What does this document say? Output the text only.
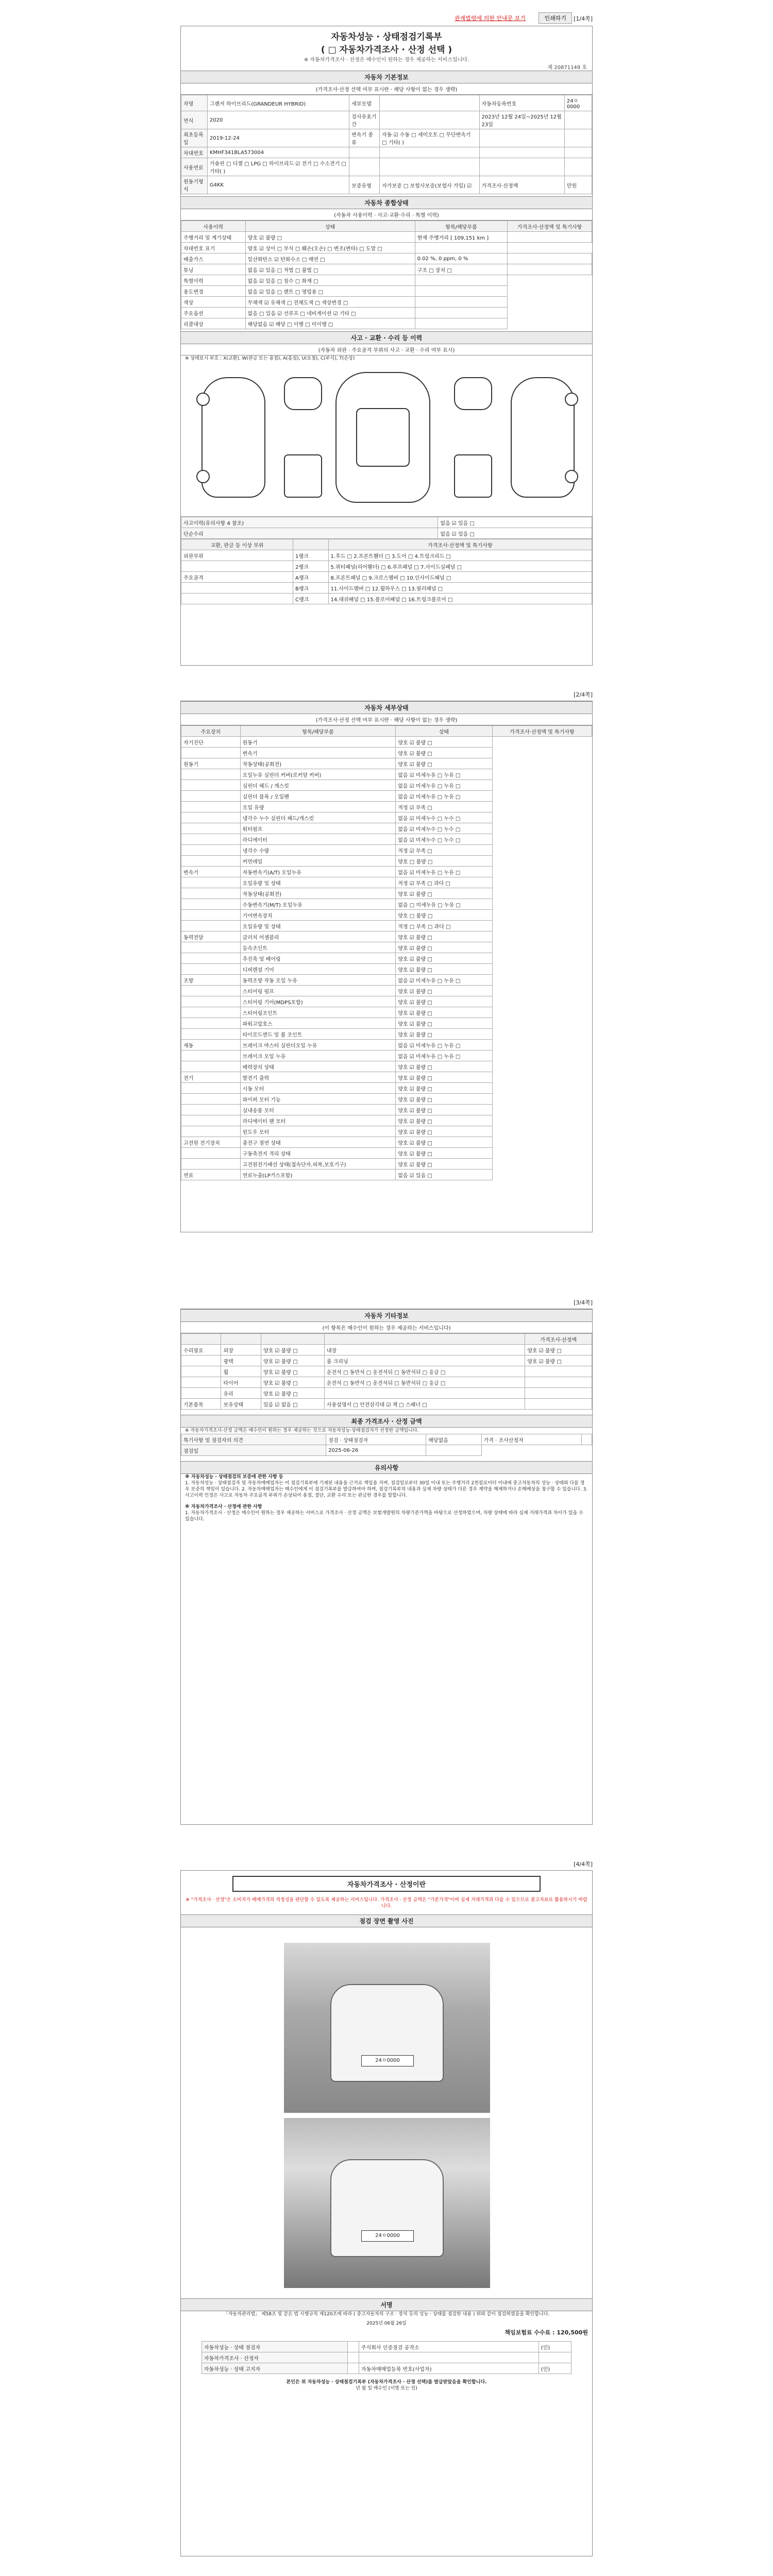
관계법령에 의한 안내문 보기	인쇄하기	[1/4쪽]
자동차성능 · 상태점검기록부
( □ 자동차가격조사 · 산정 선택 )
※ 자동차가격조사 · 산정은 매수인이 원하는 경우 제공하는 서비스입니다.
제 20871149 호
자동차 기본정보
(가격조사·산정 선택 여부 표시란 · 해당 사항이 없는 경우 생략)
차명	그랜저 하이브리드(GRANDEUR HYBRID)	세부모델		자동차등록번호	24ㅇ0000
연식	2020	검사유효기간		2023년 12월 24일~2025년 12월 23일	
최초등록일	2019-12-24	변속기 종류	자동 ☑ 수동 □ 세미오토 □ 무단변속기 □ 기타( )		
차대번호	KMHF341BLA573004				
사용연료	가솔린 □ 디젤 □ LPG □ 하이브리드 ☑ 전기 □ 수소전기 □ 기타( )				
원동기형식	G4KK	보증유형	자가보증 □ 보험사보증(보험사 가입) ☑	가격조사·산정액	만원
자동차 종합상태
(자동차 사용이력 · 사고·교환·수리 · 특별 이력)
사용이력	상태	항목/해당부품	가격조사·산정액 및 특기사항
주행거리 및 계기상태	양호 ☑ 불량 □	현재 주행거리 [ 109,151 km ]	
차대번호 표기	양호 ☑ 상이 □ 부식 □ 훼손(오손) □ 변조(변타) □ 도말 □		
배출가스	일산화탄소 ☑ 탄화수소 □ 매연 □	0.02 %, 0 ppm, 0 %	
튜닝	없음 ☑ 있음 □ 적법 □ 불법 □	구조 □ 장치 □	
특별이력	없음 ☑ 있음 □ 침수 □ 화재 □		
용도변경	없음 ☑ 있음 □ 렌트 □ 영업용 □		
색상	무채색 ☑ 유채색 □ 전체도색 □ 색상변경 □		
주요옵션	없음 □ 있음 ☑ 선루프 □ 네비게이션 ☑ 기타 □		
리콜대상	해당없음 ☑ 해당 □ 이행 □ 미이행 □		
사고 · 교환 · 수리 등 이력
(자동차 외판 · 주요골격 부위의 사고 · 교환 · 수리 여부 표시)
※ 상태표시 부호 : X(교환), W(판금 또는 용접), A(흠집), U(요철), C(부식), T(손상)
사고이력(유의사항 4 참조)	없음 ☑ 있음 □
단순수리	없음 ☑ 있음 □
교환, 판금 등 이상 부위		가격조사·산정액 및 특기사항
외판부위	1랭크	1.후드 □ 2.프론트휀더 □ 3.도어 □ 4.트렁크리드 □
	2랭크	5.쿼터패널(리어휀더) □ 6.루프패널 □ 7.사이드실패널 □
주요골격	A랭크	8.프론트패널 □ 9.크로스멤버 □ 10.인사이드패널 □
	B랭크	11.사이드멤버 □ 12.휠하우스 □ 13.필러패널 □
	C랭크	14.대쉬패널 □ 15.플로어패널 □ 16.트렁크플로어 □
[2/4쪽]
자동차 세부상태
(가격조사·산정 선택 여부 표시란 · 해당 사항이 없는 경우 생략)
주요장치	항목/해당부품	상태	가격조사·산정액 및 특기사항
자기진단	원동기	양호 ☑ 불량 □	
	변속기	양호 ☑ 불량 □	
원동기	작동상태(공회전)	양호 ☑ 불량 □	
	오일누유 실린더 커버(로커암 커버)	없음 ☑ 미세누유 □ 누유 □	
	실린더 헤드 / 개스킷	없음 ☑ 미세누유 □ 누유 □	
	실린더 블록 / 오일팬	없음 ☑ 미세누유 □ 누유 □	
	오일 유량	적정 ☑ 부족 □	
	냉각수 누수 실린더 헤드/개스킷	없음 ☑ 미세누수 □ 누수 □	
	워터펌프	없음 ☑ 미세누수 □ 누수 □	
	라디에이터	없음 ☑ 미세누수 □ 누수 □	
	냉각수 수량	적정 ☑ 부족 □	
	커먼레일	양호 □ 불량 □	
변속기	자동변속기(A/T) 오일누유	없음 ☑ 미세누유 □ 누유 □	
	오일유량 및 상태	적정 ☑ 부족 □ 과다 □	
	작동상태(공회전)	양호 ☑ 불량 □	
	수동변속기(M/T) 오일누유	없음 □ 미세누유 □ 누유 □	
	기어변속장치	양호 □ 불량 □	
	오일유량 및 상태	적정 □ 부족 □ 과다 □	
동력전달	클러치 어셈블리	양호 ☑ 불량 □	
	등속조인트	양호 ☑ 불량 □	
	추진축 및 베어링	양호 ☑ 불량 □	
	디퍼렌셜 기어	양호 ☑ 불량 □	
조향	동력조향 작동 오일 누유	없음 ☑ 미세누유 □ 누유 □	
	스티어링 펌프	양호 ☑ 불량 □	
	스티어링 기어(MDPS포함)	양호 ☑ 불량 □	
	스티어링조인트	양호 ☑ 불량 □	
	파워고압호스	양호 ☑ 불량 □	
	타이로드엔드 및 볼 조인트	양호 ☑ 불량 □	
제동	브레이크 마스터 실린더오일 누유	없음 ☑ 미세누유 □ 누유 □	
	브레이크 오일 누유	없음 ☑ 미세누유 □ 누유 □	
	배력장치 상태	양호 ☑ 불량 □	
전기	발전기 출력	양호 ☑ 불량 □	
	시동 모터	양호 ☑ 불량 □	
	와이퍼 모터 기능	양호 ☑ 불량 □	
	실내송풍 모터	양호 ☑ 불량 □	
	라디에이터 팬 모터	양호 ☑ 불량 □	
	윈도우 모터	양호 ☑ 불량 □	
고전원 전기장치	충전구 절연 상태	양호 ☑ 불량 □	
	구동축전지 격리 상태	양호 ☑ 불량 □	
	고전원전기배선 상태(접속단자,피복,보호기구)	양호 ☑ 불량 □	
연료	연료누출(LP가스포함)	없음 ☑ 있음 □	
[3/4쪽]
자동차 기타정보
(이 항목은 매수인이 원하는 경우 제공하는 서비스입니다)
				가격조사·산정액
수리필요	외장	양호 ☑ 불량 □	내장	양호 ☑ 불량 □
	광택	양호 ☑ 불량 □	룸 크리닝	양호 ☑ 불량 □
	휠	양호 ☑ 불량 □	운전석 □ 동반석 □ 운전석뒤 □ 동반석뒤 □ 응급 □	
	타이어	양호 ☑ 불량 □	운전석 □ 동반석 □ 운전석뒤 □ 동반석뒤 □ 응급 □	
	유리	양호 ☑ 불량 □		
기본품목	보유상태	있음 ☑ 없음 □	사용설명서 □ 안전삼각대 ☑ 잭 □ 스패너 □	
최종 가격조사 · 산정 금액
※ 자동차가격조사·산정 금액은 매수인이 원하는 경우 제공하는 것으로 자동차성능·상태점검자가 산정한 금액입니다.
특기사항 및 점검자의 의견	점검 · 상태점검자	해당없음	가격 · 조사산정자	
점검일	2025-06-26			
유의사항
※ 자동차성능 · 상태점검의 보증에 관한 사항 등
1. 자동차성능 · 상태점검자 및 자동차매매업자는 이 점검기록부에 기재된 내용을 근거로 책임을 지며, 점검일로부터 30일 이내 또는 주행거리 2천킬로미터 이내에 중고자동차의 성능 · 상태와 다를 경우 보증의 책임이 있습니다. 2. 자동차매매업자는 매수인에게 이 점검기록부를 발급하여야 하며, 점검기록부의 내용과 실제 차량 상태가 다른 경우 계약을 해제하거나 손해배상을 청구할 수 있습니다. 3. 사고이력 인정은 사고로 자동차 주요골격 부위가 손상되어 용접, 절단, 교환 수리 또는 판금한 경우를 말합니다.
※ 자동차가격조사 · 산정에 관한 사항
1. 자동차가격조사 · 산정은 매수인이 원하는 경우 제공하는 서비스로 가격조사 · 산정 금액은 보험개발원의 차량기준가액을 바탕으로 산정하였으며, 차량 상태에 따라 실제 거래가격과 차이가 있을 수 있습니다.
[4/4쪽]
자동차가격조사 · 산정이란
※ "가격조사 · 산정"은 소비자가 매매가격의 적정성을 판단할 수 있도록 제공하는 서비스입니다. 가격조사 · 산정 금액은 "기준가격"이며 실제 거래가격과 다를 수 있으므로 참고자료로 활용하시기 바랍니다.
점검 장면 촬영 사진
24ㅇ0000
24ㅇ0000
서명
「자동차관리법」 제58조 및 같은 법 시행규칙 제120조에 따라 ( 중고자동차의 구조 · 장치 등의 성능 · 상태를 점검한 내용 ) 위와 같이 점검하였음을 확인합니다.
2025년 06월 26일
책임보험료 수수료 : 120,500원
자동차성능 · 상태 점검자		주식회사 인증점검 공작소	(인)
자동차가격조사 · 산정자			
자동차성능 · 상태 고지자		자동차매매업등록 번호(사업자)	(인)
본인은 위 자동차성능 · 상태점검기록부 (자동차가격조사 · 산정 선택)를 발급받았음을 확인합니다.
년 월 일 매수인 (서명 또는 인)
